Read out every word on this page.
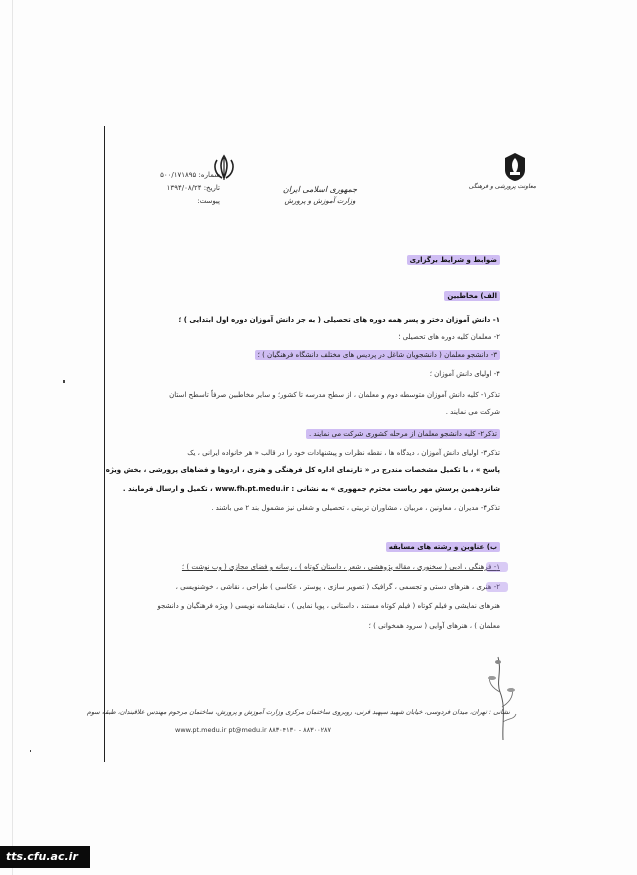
شماره: ۵۰۰/۱۷۱۸۹۵
تاریخ: ۱۳۹۴/۰۸/۲۴
پیوست:
جمهوری اسلامی ایران
وزارت آموزش و پرورش
معاونت پرورشی و فرهنگی
ضوابط و شرایط برگزاری
الف) مخاطبین
۱- دانش آموزان دختر و پسر همه دوره های تحصیلی ( به جز دانش آموزان دوره اول ابتدایی ) ؛
۲- معلمان کلیه دوره های تحصیلی ؛
۳- دانشجو معلمان ( دانشجویان شاغل در پردیس های مختلف دانشگاه فرهنگیان ) ؛
۴- اولیای دانش آموزان ؛
تذکر۱- کلیه دانش آموزان متوسطه دوم و معلمان ، از سطح مدرسه تا کشور؛ و سایر مخاطبین صرفاً تاسطح استان
شرکت می نمایند .
تذکر۲- کلیه دانشجو معلمان از مرحله کشوری شرکت می نمایند .
تذکر۳- اولیای دانش آموزان ، دیدگاه ها ، نقطه نظرات و پیشنهادات خود را در قالب « هر خانواده ایرانی ، یک
پاسخ » ، با تکمیل مشخصات مندرج در « تارنمای اداره کل فرهنگی و هنری ، اردوها و فضاهای پرورشی ، بخش ویژه
شانزدهمین پرسش مهر ریاست محترم جمهوری » به نشانی : www.fh.pt.medu.ir ، تکمیل و ارسال فرمایند .
تذکر۴- مدیران ، معاونین ، مربیان ، مشاوران تربیتی ، تحصیلی و شغلی نیز مشمول بند ۲ می باشند .
ب) عناوین و رشته های مسابقه
۱- فرهنگی ، ادبی ( سخنوری ، مقاله پژوهشی ، شعر ، داستان کوتاه ) ، رسانه و فضای مجازی ( وب نوشت ) ؛
۲- هنری ، هنرهای دستی و تجسمی ، گرافیک ( تصویر سازی ، پوستر ، عکاسی ) طراحی ، نقاشی ، خوشنویسی ،
هنرهای نمایشی و فیلم کوتاه ( فیلم کوتاه مستند ، داستانی ، پویا نمایی ) ، نمایشنامه نویسی ( ویژه فرهنگیان و دانشجو
معلمان ) ، هنرهای آوایی ( سرود همخوانی ) ؛
نشانی : تهران، میدان فردوسی، خیابان شهید سپهبد قرنی، روبروی ساختمان مرکزی وزارت آموزش و پرورش، ساختمان مرحوم مهندس علاقبندان، طبقه سوم
www.pt.medu.ir pt@medu.ir ۸۸۳۰۴۱۳۰ - ۸۸۳۰۰۲۸۷
tts.cfu.ac.ir
